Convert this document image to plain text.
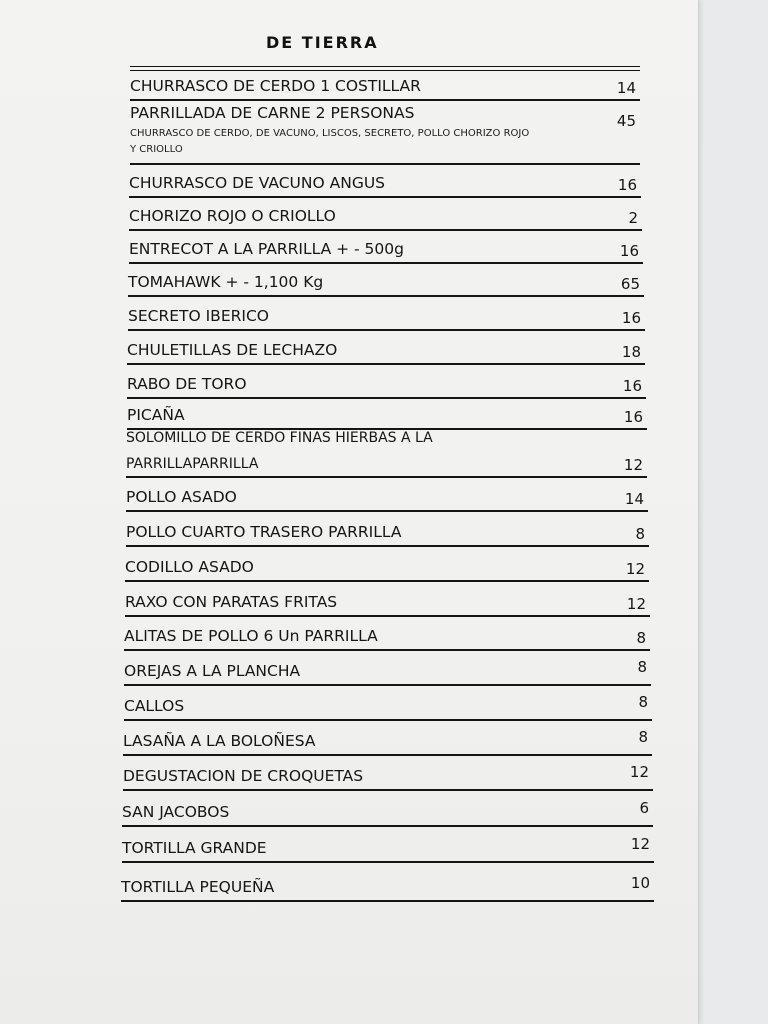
DE TIERRA
CHURRASCO DE CERDO 1 COSTILLAR	14
PARRILLADA DE CARNE 2 PERSONAS	45
CHURRASCO DE CERDO, DE VACUNO, LISCOS, SECRETO, POLLO CHORIZO ROJO
Y CRIOLLO
CHURRASCO DE VACUNO ANGUS	16
CHORIZO ROJO O CRIOLLO	2
ENTRECOT A LA PARRILLA + - 500g	16
TOMAHAWK + - 1,100 Kg	65
SECRETO IBERICO	16
CHULETILLAS DE LECHAZO	18
RABO DE TORO	16
PICAÑA	16
SOLOMILLO DE CERDO FINAS HIERBAS A LA
PARRILLAPARRILLA	12
POLLO ASADO	14
POLLO CUARTO TRASERO PARRILLA	8
CODILLO ASADO	12
RAXO CON PARATAS FRITAS	12
ALITAS DE POLLO 6 Un PARRILLA	8
OREJAS A LA PLANCHA	8
CALLOS	8
LASAÑA A LA BOLOÑESA	8
DEGUSTACION DE CROQUETAS	12
SAN JACOBOS	6
TORTILLA GRANDE	12
TORTILLA PEQUEÑA	10
